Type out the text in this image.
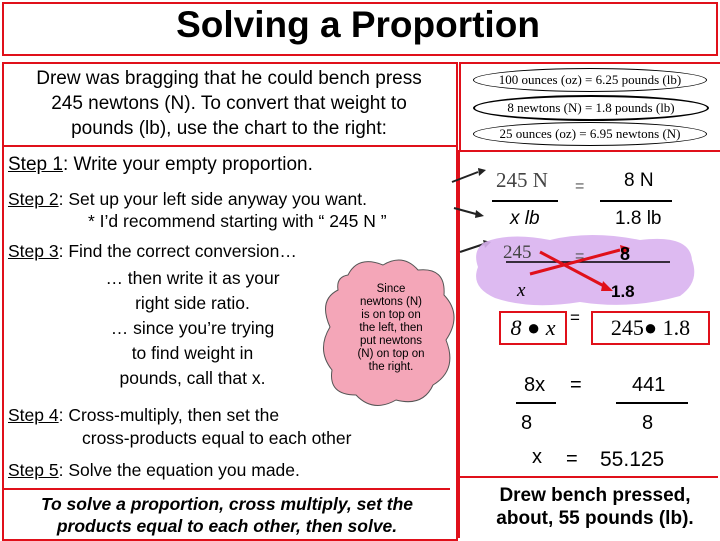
Solving a Proportion
Drew was bragging that he could bench press
245 newtons (N). To convert that weight to
pounds (lb), use the chart to the right:
Step 1: Write your empty proportion.
Step 2: Set up your left side anyway you want.
* I’d recommend starting with “ 245 N ”
Step 3: Find the correct conversion…
… then write it as your
right side ratio.
… since you’re trying
to find weight in
pounds, call that x.
Since
newtons (N)
is on top on
the left, then
put newtons
(N) on top on
the right.
Step 4: Cross-multiply, then set the
cross-products equal to each other
Step 5: Solve the equation you made.
To solve a proportion, cross multiply, set the
products equal to each other, then solve.
100 ounces (oz) = 6.25 pounds (lb)
8 newtons (N) = 1.8 pounds (lb)
25 ounces (oz) = 6.95 newtons (N)
245 N = 8 N
x lb	1.8 lb
245	= 8
x	1.8
8 ● x =	245● 1.8
8x =	441
8	8
x = 55.125
Drew bench pressed,
about, 55 pounds (lb).
